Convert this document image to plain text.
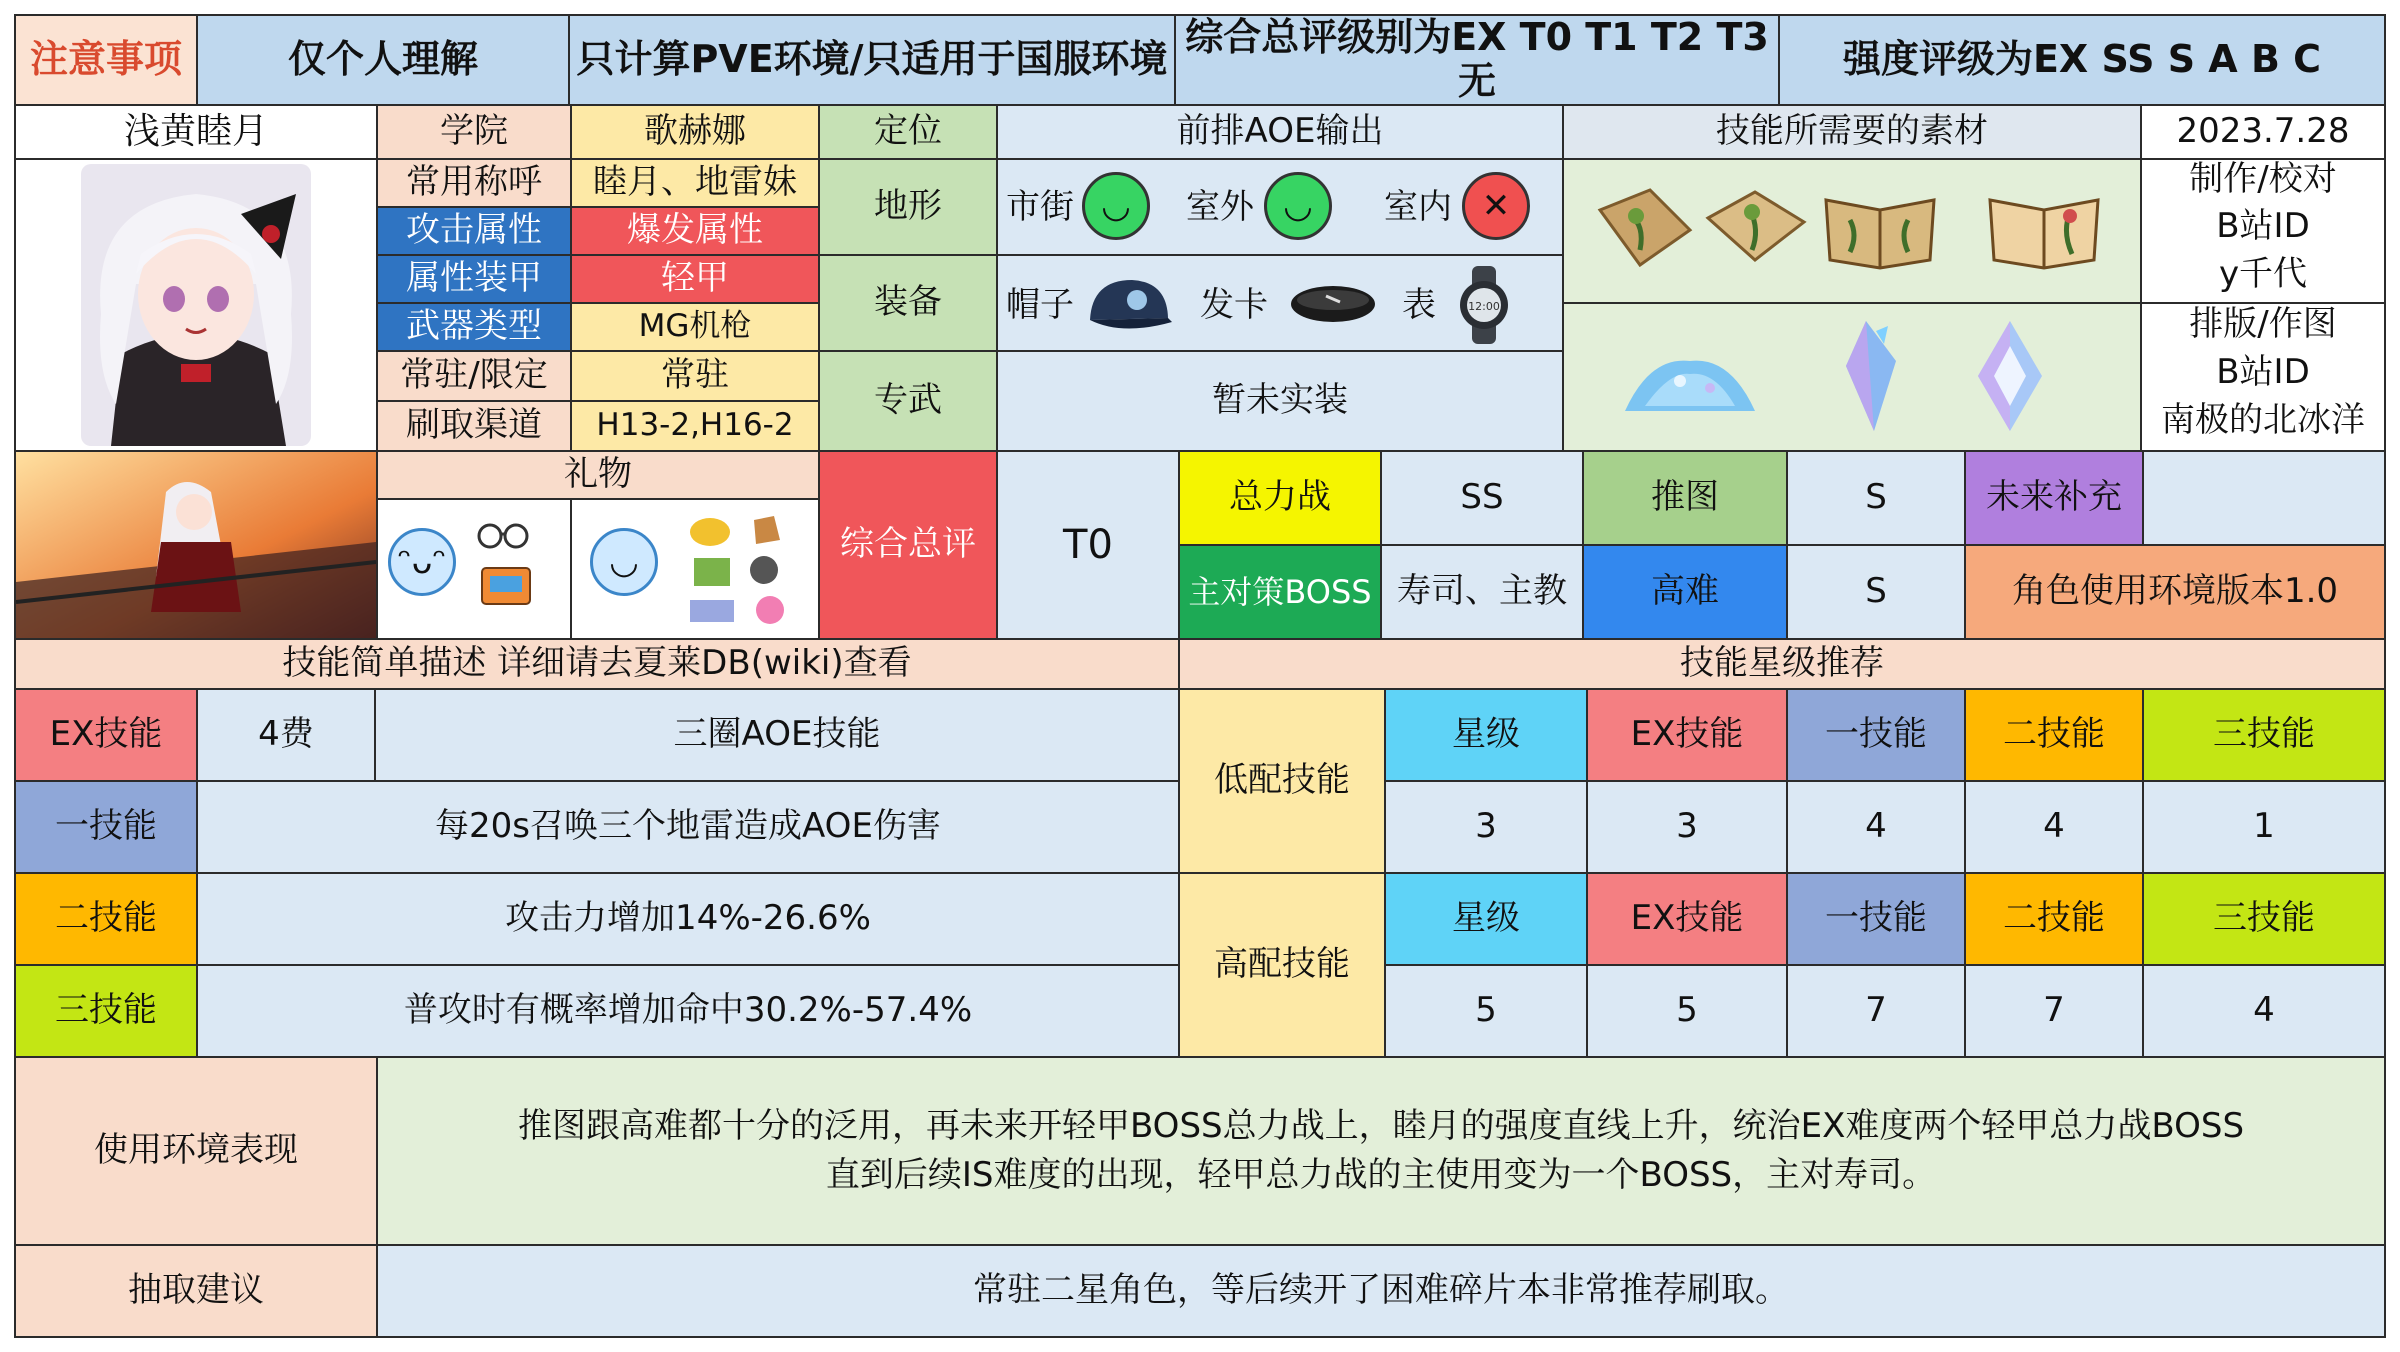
注意事项	仅个人理解	只计算PVE环境/只适用于国服环境 综合总评级别为EX T0 T1 T2 T3 无	强度评级为EX SS S A B C
浅黄睦月	学院	歌赫娜
常用称呼	睦月、地雷妹
攻击属性	爆发属性
属性装甲	轻甲
武器类型	MG机枪
常驻/限定	常驻
刷取渠道	H13-2,H16-2
定位	前排AOE输出
地形	市街 ◡	室外 ◡	室内 ✕
装备	帽子	发卡	表	12:00
专武	暂未实装
技能所需要的素材	2023.7.28
制作/校对
B站ID
y千代
排版/作图
B站ID
南极的北冰洋
礼物
ᵔᴗᵔ	◡	综合总评	T0
总力战	SS	推图	S	未来补充
主对策BOSS 寿司、主教	高难	S	角色使用环境版本1.0
技能简单描述 详细请去夏莱DB(wiki)查看
EX技能	4费	三圈AOE技能
一技能	每20s召唤三个地雷造成AOE伤害
二技能	攻击力增加14%-26.6%
三技能	普攻时有概率增加命中30.2%-57.4%
技能星级推荐
低配技能
星级	EX技能	一技能	二技能	三技能
3	3	4	4	1
高配技能
星级	EX技能	一技能	二技能	三技能
5	5	7	7	4
使用环境表现
推图跟高难都十分的泛用，再未来开轻甲BOSS总力战上，睦月的强度直线上升，统治EX难度两个轻甲总力战BOSS
直到后续IS难度的出现，轻甲总力战的主使用变为一个BOSS，主对寿司。
抽取建议	常驻二星角色，等后续开了困难碎片本非常推荐刷取。
